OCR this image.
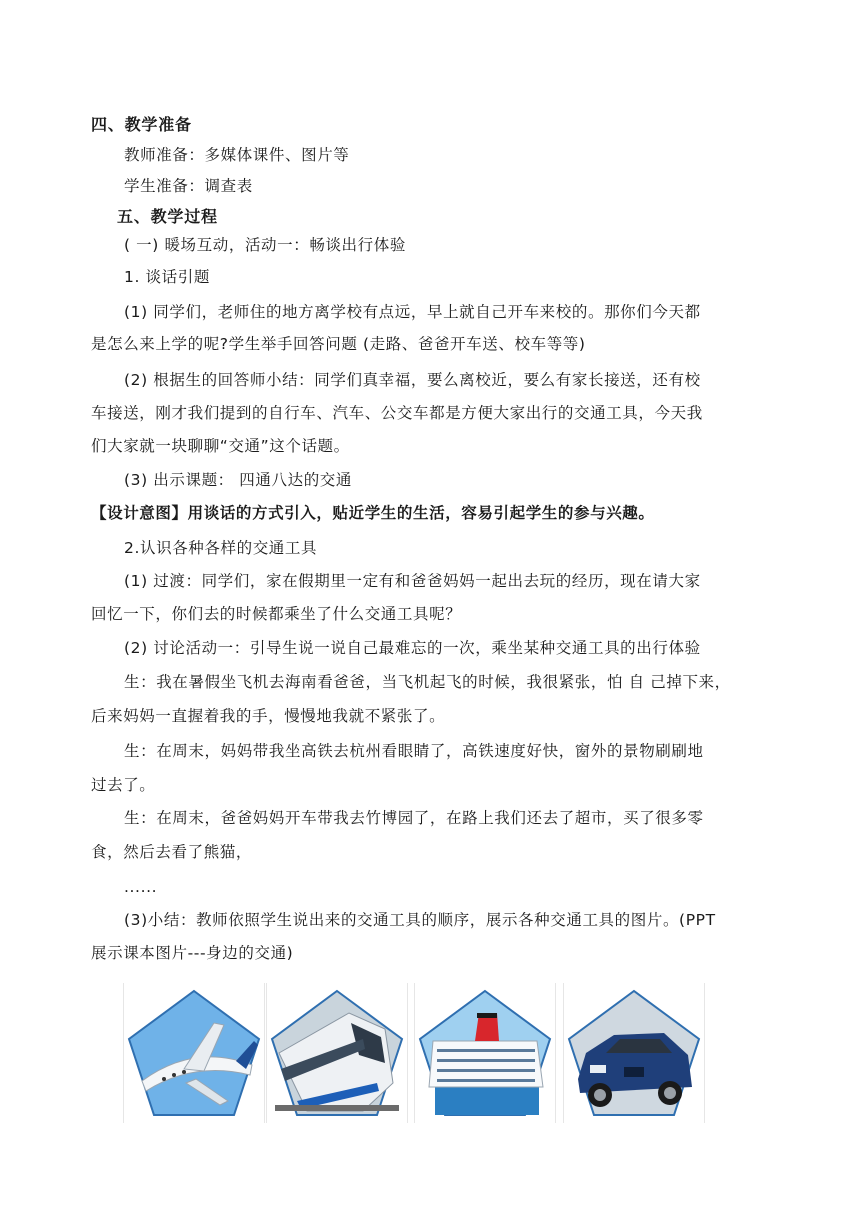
四、教学准备
教师准备：多媒体课件、图片等
学生准备：调查表
五、教学过程
( 一) 暖场互动，活动一：畅谈出行体验
1. 谈话引题
(1) 同学们，老师住的地方离学校有点远，早上就自己开车来校的。那你们今天都
是怎么来上学的呢?学生举手回答问题 (走路、爸爸开车送、校车等等)
(2) 根据生的回答师小结：同学们真幸福，要么离校近，要么有家长接送，还有校
车接送，刚才我们提到的自行车、汽车、公交车都是方便大家出行的交通工具，今天我
们大家就一块聊聊“交通”这个话题。
(3) 出示课题： 四通八达的交通
【设计意图】用谈话的方式引入，贴近学生的生活，容易引起学生的参与兴趣。
2.认识各种各样的交通工具
(1) 过渡：同学们，家在假期里一定有和爸爸妈妈一起出去玩的经历，现在请大家
回忆一下，你们去的时候都乘坐了什么交通工具呢？
(2) 讨论活动一：引导生说一说自己最难忘的一次，乘坐某种交通工具的出行体验
生：我在暑假坐飞机去海南看爸爸，当飞机起飞的时候，我很紧张，怕 自 己掉下来，
后来妈妈一直握着我的手，慢慢地我就不紧张了。
生：在周末，妈妈带我坐高铁去杭州看眼睛了，高铁速度好快，窗外的景物刷刷地
过去了。
生：在周末，爸爸妈妈开车带我去竹博园了，在路上我们还去了超市，买了很多零
食，然后去看了熊猫，
......
(3)小结：教师依照学生说出来的交通工具的顺序，展示各种交通工具的图片。(PPT
展示课本图片---身边的交通)
